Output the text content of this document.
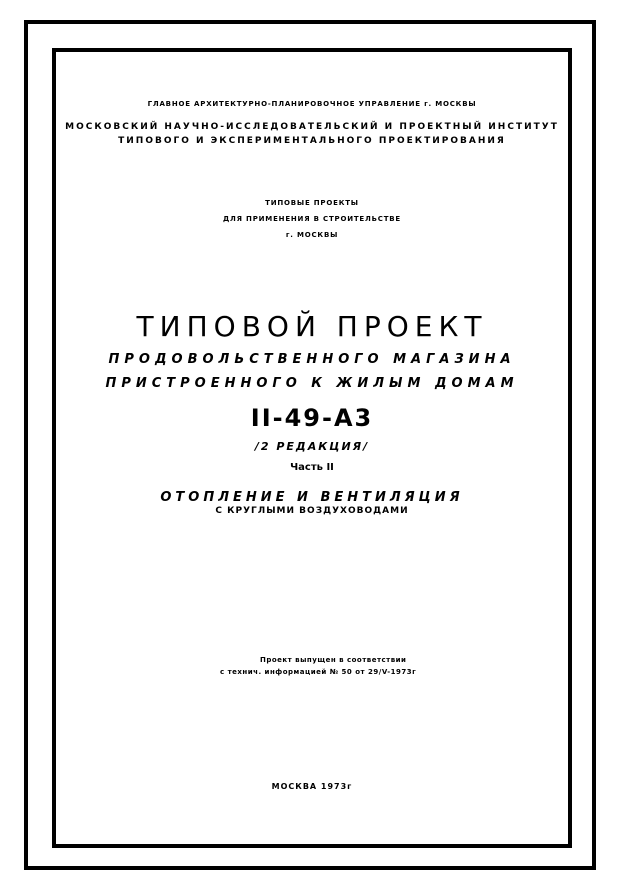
ГЛАВНОЕ АРХИТЕКТУРНО-ПЛАНИРОВОЧНОЕ УПРАВЛЕНИЕ г. МОСКВЫ
МОСКОВСКИЙ НАУЧНО-ИССЛЕДОВАТЕЛЬСКИЙ И ПРОЕКТНЫЙ ИНСТИТУТ
ТИПОВОГО И ЭКСПЕРИМЕНТАЛЬНОГО ПРОЕКТИРОВАНИЯ
ТИПОВЫЕ ПРОЕКТЫ
ДЛЯ ПРИМЕНЕНИЯ В СТРОИТЕЛЬСТВЕ
г. МОСКВЫ
ТИПОВОЙ ПРОЕКТ
ПРОДОВОЛЬСТВЕННОГО МАГАЗИНА
ПРИСТРОЕННОГО К ЖИЛЫМ ДОМАМ
II-49-А3
/2 РЕДАКЦИЯ/
Часть II
ОТОПЛЕНИЕ И ВЕНТИЛЯЦИЯ
С КРУГЛЫМИ ВОЗДУХОВОДАМИ
Проект выпущен в соответствии
с технич. информацией № 50 от 29/V-1973г
МОСКВА 1973г
